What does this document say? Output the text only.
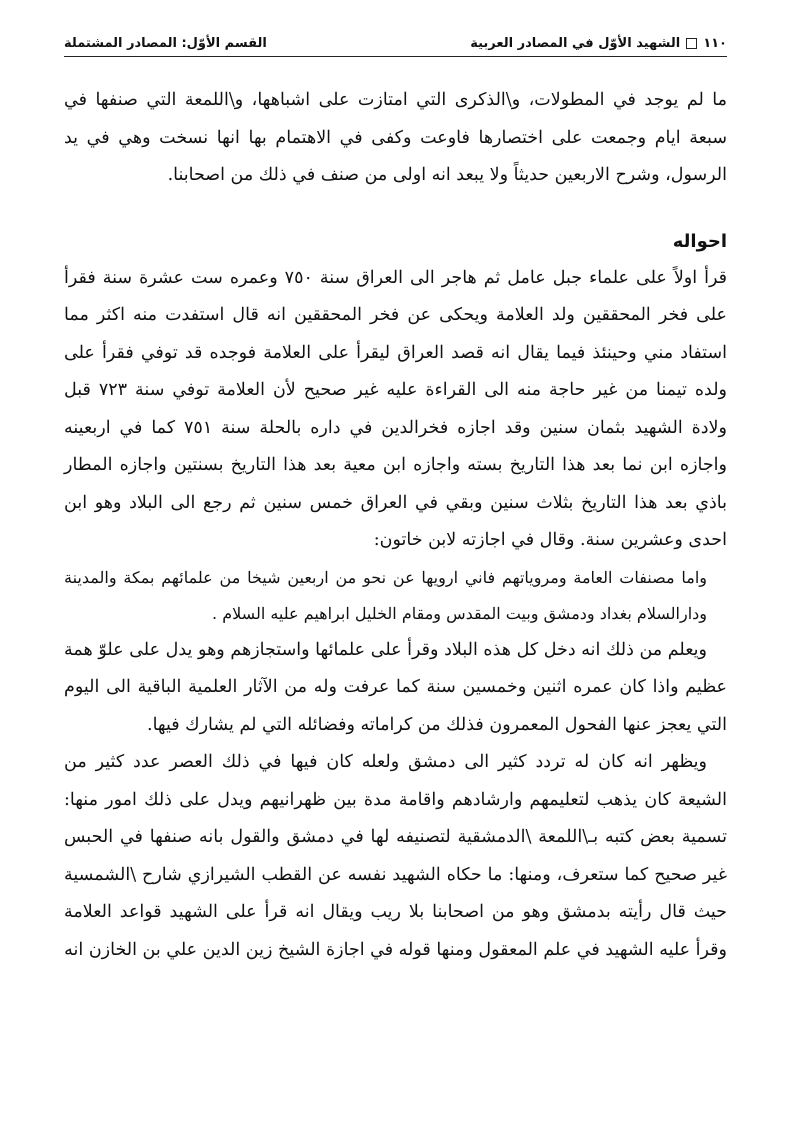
١١٠
الشهيد الأوّل في المصادر العربية
القسم الأوّل: المصادر المشتملة

ما لم يوجد في المطولات، و\الذكرى التي امتازت على اشباهها، و\اللمعة التي صنفها في سبعة ايام وجمعت على اختصارها فاوعت وكفى في الاهتمام بها انها نسخت وهي في يد الرسول، وشرح الاربعين حديثاً ولا يبعد انه اولى من صنف في ذلك من اصحابنا.

احواله

قرأ اولاً على علماء جبل عامل ثم هاجر الى العراق سنة ٧٥٠ وعمره ست عشرة سنة فقرأ على فخر المحققين ولد العلامة ويحكى عن فخر المحققين انه قال استفدت منه اكثر مما استفاد مني وحينئذ فيما يقال انه قصد العراق ليقرأ على العلامة فوجده قد توفي فقرأ على ولده تيمنا من غير حاجة منه الى القراءة عليه غير صحيح لأن العلامة توفي سنة ٧٢٣ قبل ولادة الشهيد بثمان سنين وقد اجازه فخرالدين في داره بالحلة سنة ٧٥١ كما في اربعينه واجازه ابن نما بعد هذا التاريخ بسته واجازه ابن معية بعد هذا التاريخ بسنتين واجازه المطار باذي بعد هذا التاريخ بثلاث سنين وبقي في العراق خمس سنين ثم رجع الى البلاد وهو ابن احدى وعشرين سنة. وقال في اجازته لابن خاتون:

واما مصنفات العامة ومروياتهم فاني ارويها عن نحو من اربعين شيخا من علمائهم بمكة والمدينة ودارالسلام بغداد ودمشق وبيت المقدس ومقام الخليل ابراهيم عليه السلام .

ويعلم من ذلك انه دخل كل هذه البلاد وقرأ على علمائها واستجازهم وهو يدل على علوّ همة عظيم واذا كان عمره اثنين وخمسين سنة كما عرفت وله من الآثار العلمية الباقية الى اليوم التي يعجز عنها الفحول المعمرون فذلك من كراماته وفضائله التي لم يشارك فيها.

ويظهر انه كان له تردد كثير الى دمشق ولعله كان فيها في ذلك العصر عدد كثير من الشيعة كان يذهب لتعليمهم وارشادهم واقامة مدة بين ظهرانيهم ويدل على ذلك امور منها: تسمية بعض كتبه بـ\اللمعة \الدمشقية لتصنيفه لها في دمشق والقول بانه صنفها في الحبس غير صحيح كما ستعرف، ومنها: ما حكاه الشهيد نفسه عن القطب الشيرازي شارح \الشمسية حيث قال رأيته بدمشق وهو من اصحابنا بلا ريب ويقال انه قرأ على الشهيد قواعد العلامة وقرأ عليه الشهيد في علم المعقول ومنها قوله في اجازة الشيخ زين الدين علي بن الخازن انه
